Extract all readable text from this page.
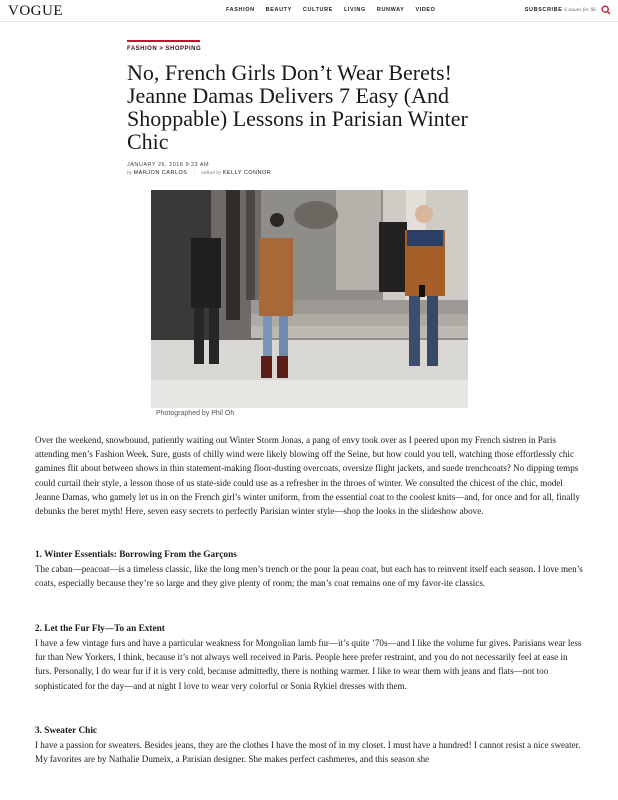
VOGUE	FASHION BEAUTY CULTURE LIVING RUNWAY VIDEO	SUBSCRIBE 6 issues for $6
FASHION > SHOPPING
No, French Girls Don’t Wear Berets! Jeanne Damas Delivers 7 Easy (And Shoppable) Lessons in Parisian Winter Chic
JANUARY 26, 2016 9:23 AM
by MARJON CARLOS | edited by KELLY CONNOR
Photographed by Phil Oh

Over the weekend, snowbound, patiently waiting out Winter Storm Jonas, a pang of envy took over as I peered upon my French sistren in Paris attending men’s Fashion Week. Sure, gusts of chilly wind were likely blowing off the Seine, but how could you tell, watching those effortlessly chic gamines flit about between shows in thin statement-making floor-dusting overcoats, oversize flight jackets, and suede trenchcoats? No dipping temps could curtail their style, a lesson those of us state-side could use as a refresher in the throes of winter. We consulted the chicest of the chic, model Jeanne Damas, who gamely let us in on the French girl’s winter uniform, from the essential coat to the coolest knits—and, for once and for all, finally debunks the beret myth! Here, seven easy secrets to perfectly Parisian winter style—shop the looks in the slideshow above.

1. Winter Essentials: Borrowing From the Garçons

The caban—peacoat—is a timeless classic, like the long men’s trench or the pour la peau coat, but each has to reinvent itself each season. I love men’s coats, especially because they’re so large and they give plenty of room; the man’s coat remains one of my favor-ite classics.

2. Let the Fur Fly—To an Extent

I have a few vintage furs and have a particular weakness for Mongolian lamb fur—it’s quite ’70s—and I like the volume fur gives. Parisians wear less fur than New Yorkers, I think, because it’s not always well received in Paris. People here prefer restraint, and you do not necessarily feel at ease in furs. Personally, I do wear fur if it is very cold, because admittedly, there is nothing warmer. I like to wear them with jeans and flats—not too sophisticated for the day—and at night I love to wear very colorful or Sonia Rykiel dresses with them.

3. Sweater Chic

I have a passion for sweaters. Besides jeans, they are the clothes I have the most of in my closet. I must have a hundred! I cannot resist a nice sweater. My favorites are by Nathalie Dumeix, a Parisian designer. She makes perfect cashmeres, and this season she
